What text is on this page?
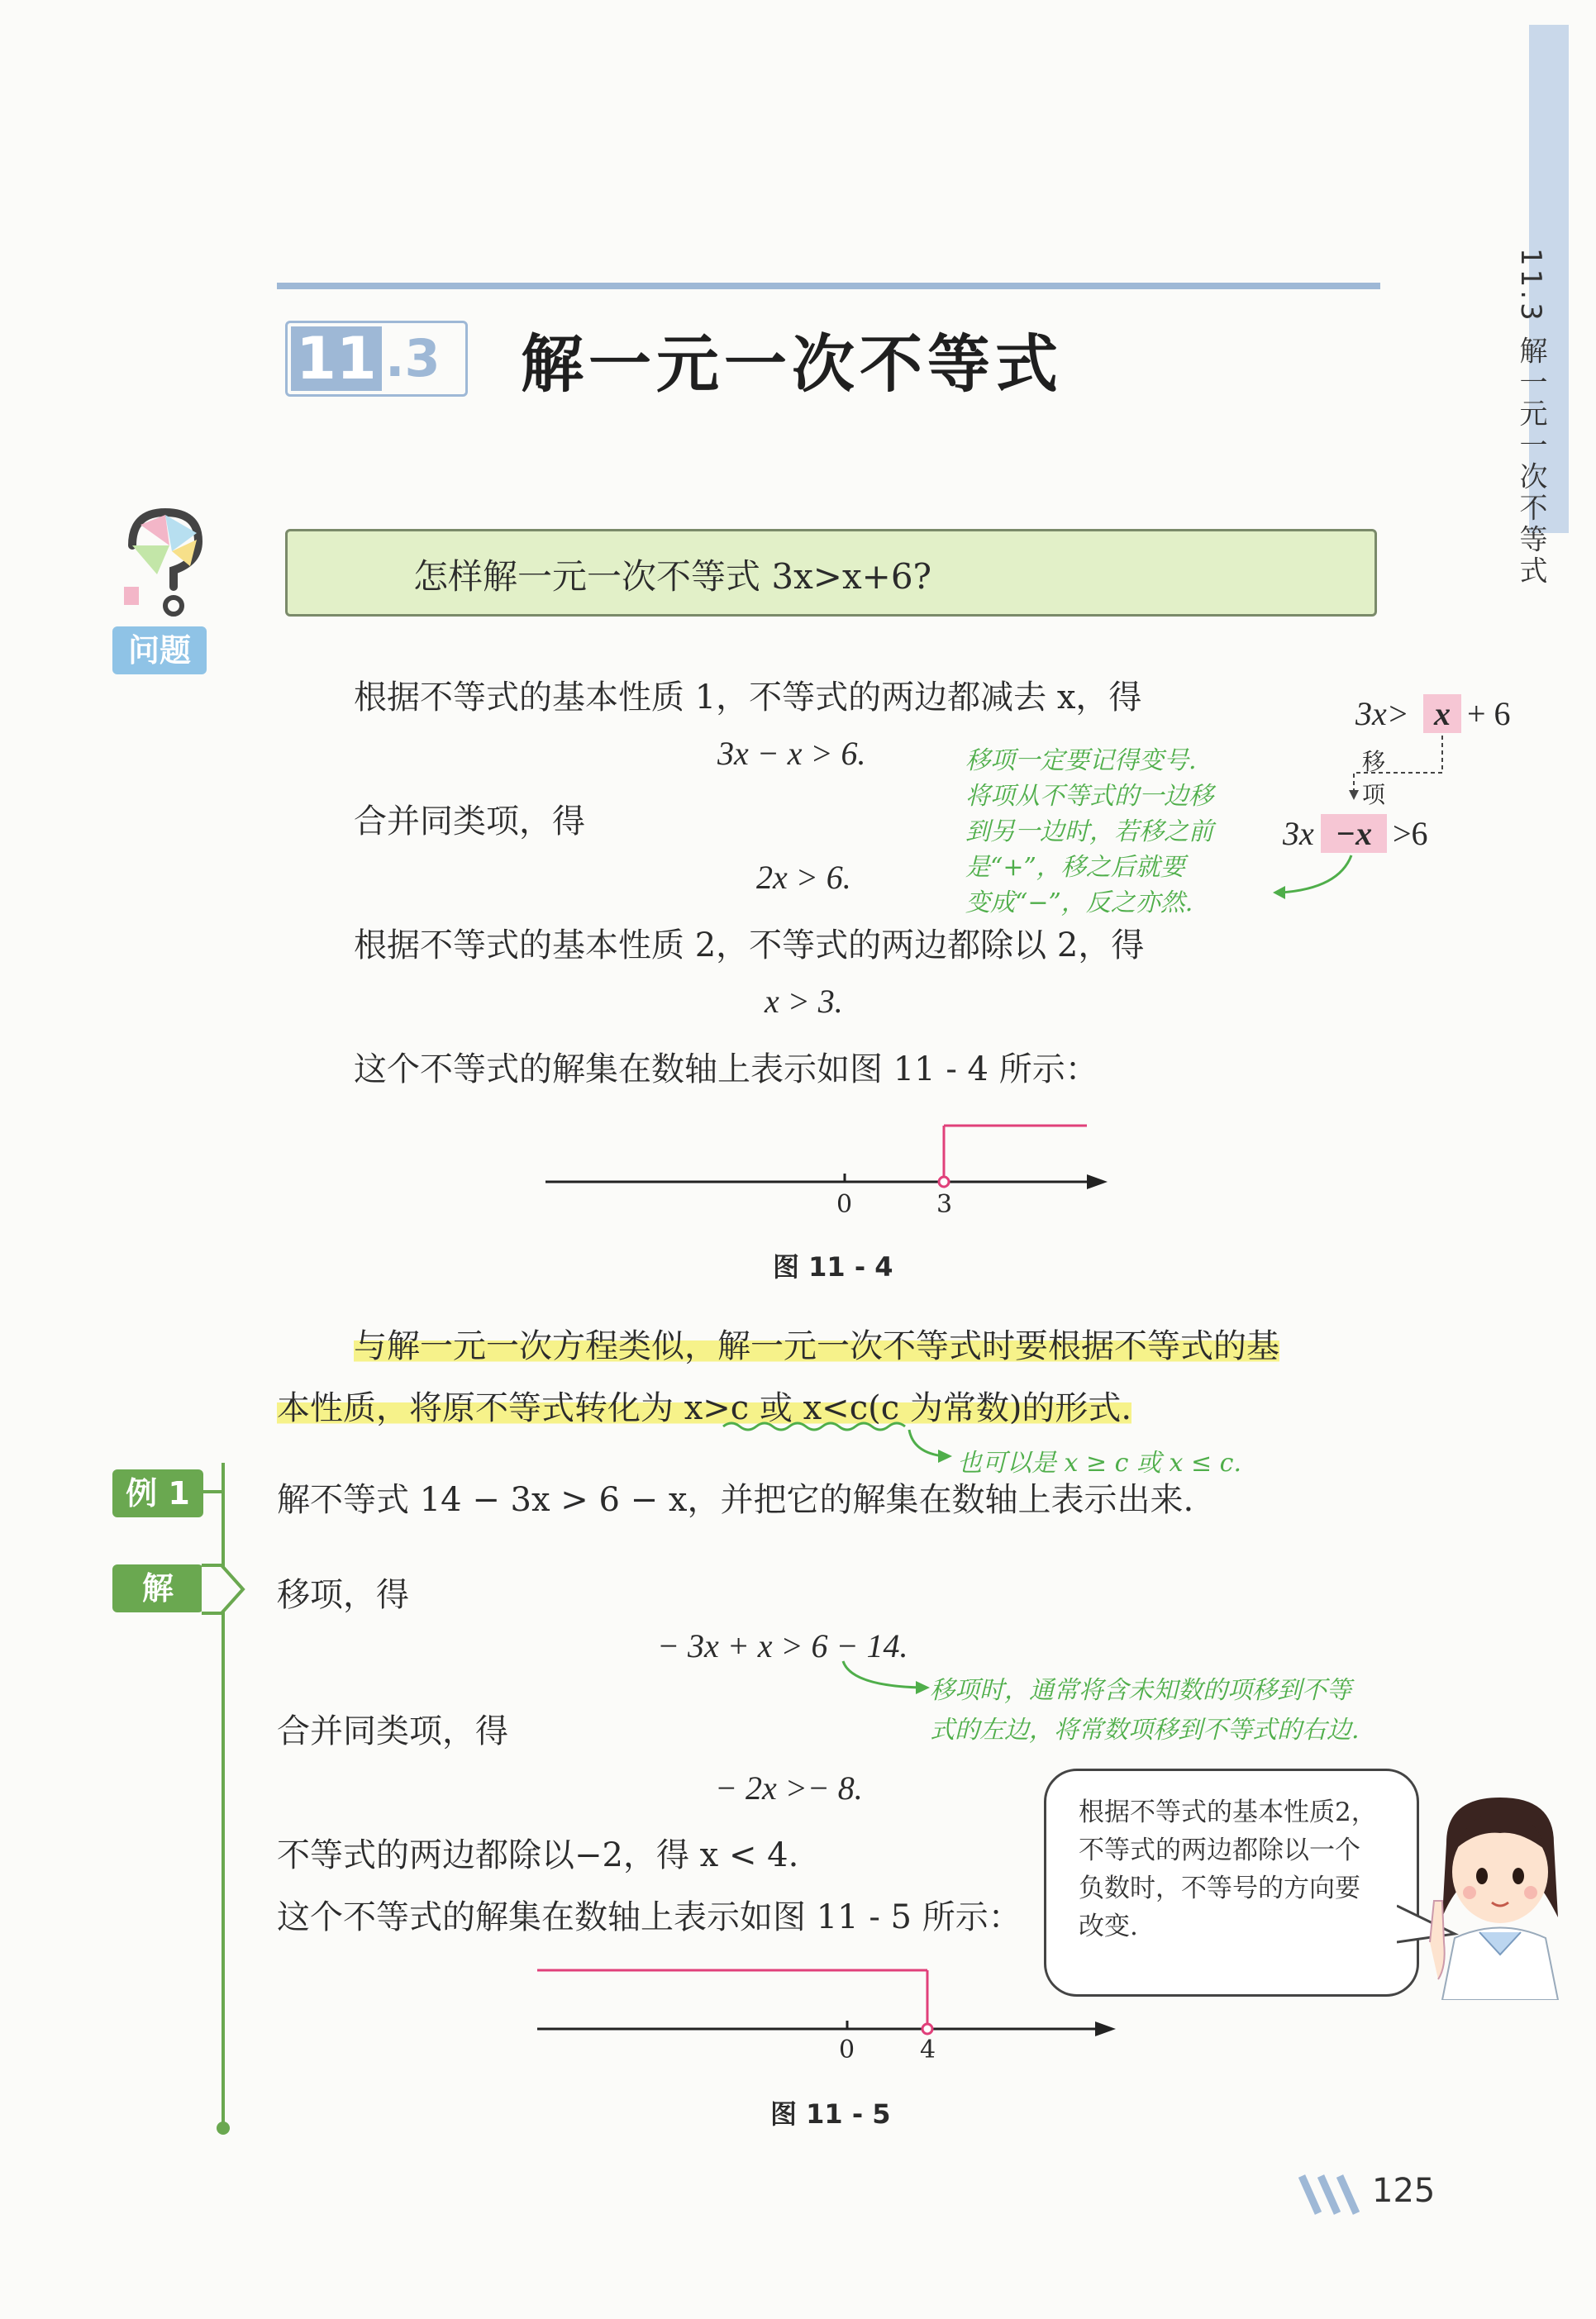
11.3 解一元一次不等式
11 .3 解一元一次不等式
问题
怎样解一元一次不等式 3x>x+6?
根据不等式的基本性质 1，不等式的两边都减去 x，得
3x − x > 6.
合并同类项，得
2x > 6.
根据不等式的基本性质 2，不等式的两边都除以 2，得
x > 3.
这个不等式的解集在数轴上表示如图 11 - 4 所示：
3x> x + 6
移项
3x −x >6
移项一定要记得变号.
将项从不等式的一边移
到另一边时，若移之前
是“+”，移之后就要
变成“−”，反之亦然.
0	3
图 11 - 4
与解一元一次方程类似，解一元一次不等式时要根据不等式的基
本性质，将原不等式转化为 x>c 或 x<c(c 为常数)的形式.
也可以是 x ≥ c 或 x ≤ c.
例 1	解不等式 14 − 3x > 6 − x，并把它的解集在数轴上表示出来.
解	移项，得
− 3x + x > 6 − 14.
移项时，通常将含未知数的项移到不等
式的左边，将常数项移到不等式的右边.
合并同类项，得
− 2x >− 8.
不等式的两边都除以−2，得 x < 4.
这个不等式的解集在数轴上表示如图 11 - 5 所示：
根据不等式的基本性质2，
不等式的两边都除以一个
负数时，不等号的方向要
改变.
0	4
图 11 - 5
125
